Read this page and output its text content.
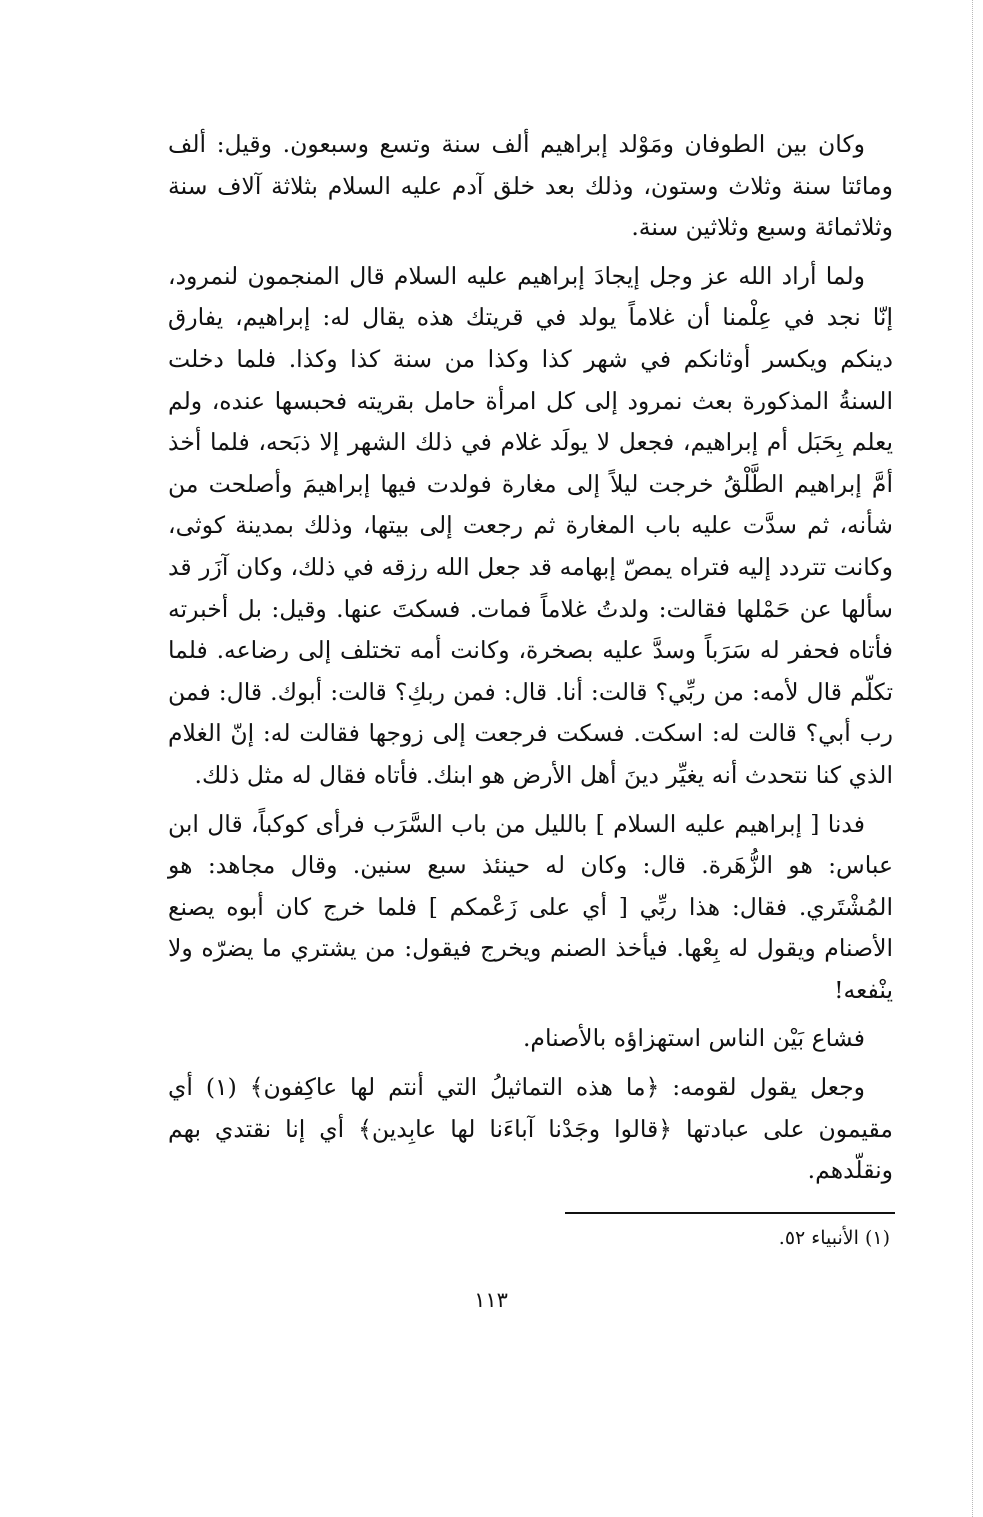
وكان بين الطوفان ومَوْلد إبراهيم ألف سنة وتسع وسبعون. وقيل: ألف ومائتا سنة وثلاث وستون، وذلك بعد خلق آدم عليه السلام بثلاثة آلاف سنة وثلاثمائة وسبع وثلاثين سنة.

ولما أراد الله عز وجل إيجادَ إبراهيم عليه السلام قال المنجمون لنمرود، إنّا نجد في عِلْمنا أن غلاماً يولد في قريتك هذه يقال له: إبراهيم، يفارق دينكم ويكسر أوثانكم في شهر كذا وكذا من سنة كذا وكذا. فلما دخلت السنةُ المذكورة بعث نمرود إلى كل امرأة حامل بقريته فحبسها عنده، ولم يعلم بِحَبَل أم إبراهيم، فجعل لا يولَد غلام في ذلك الشهر إلا ذبَحه، فلما أخذ أمَّ إبراهيم الطَّلْقُ خرجت ليلاً إلى مغارة فولدت فيها إبراهيمَ وأصلحت من شأنه، ثم سدَّت عليه باب المغارة ثم رجعت إلى بيتها، وذلك بمدينة كوثى، وكانت تتردد إليه فتراه يمصّ إبهامه قد جعل الله رزقه في ذلك، وكان آزَر قد سألها عن حَمْلها فقالت: ولدتُ غلاماً فمات. فسكتَ عنها. وقيل: بل أخبرته فأتاه فحفر له سَرَباً وسدَّ عليه بصخرة، وكانت أمه تختلف إلى رضاعه. فلما تكلّم قال لأمه: من ربِّي؟ قالت: أنا. قال: فمن ربكِ؟ قالت: أبوك. قال: فمن رب أبي؟ قالت له: اسكت. فسكت فرجعت إلى زوجها فقالت له: إنّ الغلام الذي كنا نتحدث أنه يغيِّر دينَ أهل الأرض هو ابنك. فأتاه فقال له مثل ذلك.

فدنا [ إبراهيم عليه السلام ] بالليل من باب السَّرَب فرأى كوكباً، قال ابن عباس: هو الزُّهَرة. قال: وكان له حينئذ سبع سنين. وقال مجاهد: هو المُشْتَري. فقال: هذا ربِّي [ أي على زَعْمكم ] فلما خرج كان أبوه يصنع الأصنام ويقول له بِعْها. فيأخذ الصنم ويخرج فيقول: من يشتري ما يضرّه ولا ينْفعه!

فشاع بَيْن الناس استهزاؤه بالأصنام.

وجعل يقول لقومه: ﴿ما هذه التماثيلُ التي أنتم لها عاكِفون﴾ (١) أي مقيمون على عبادتها ﴿قالوا وجَدْنا آباءَنا لها عابِدين﴾ أي إنا نقتدي بهم ونقلّدهم.

(١) الأنبياء ٥٢.
١١٣
